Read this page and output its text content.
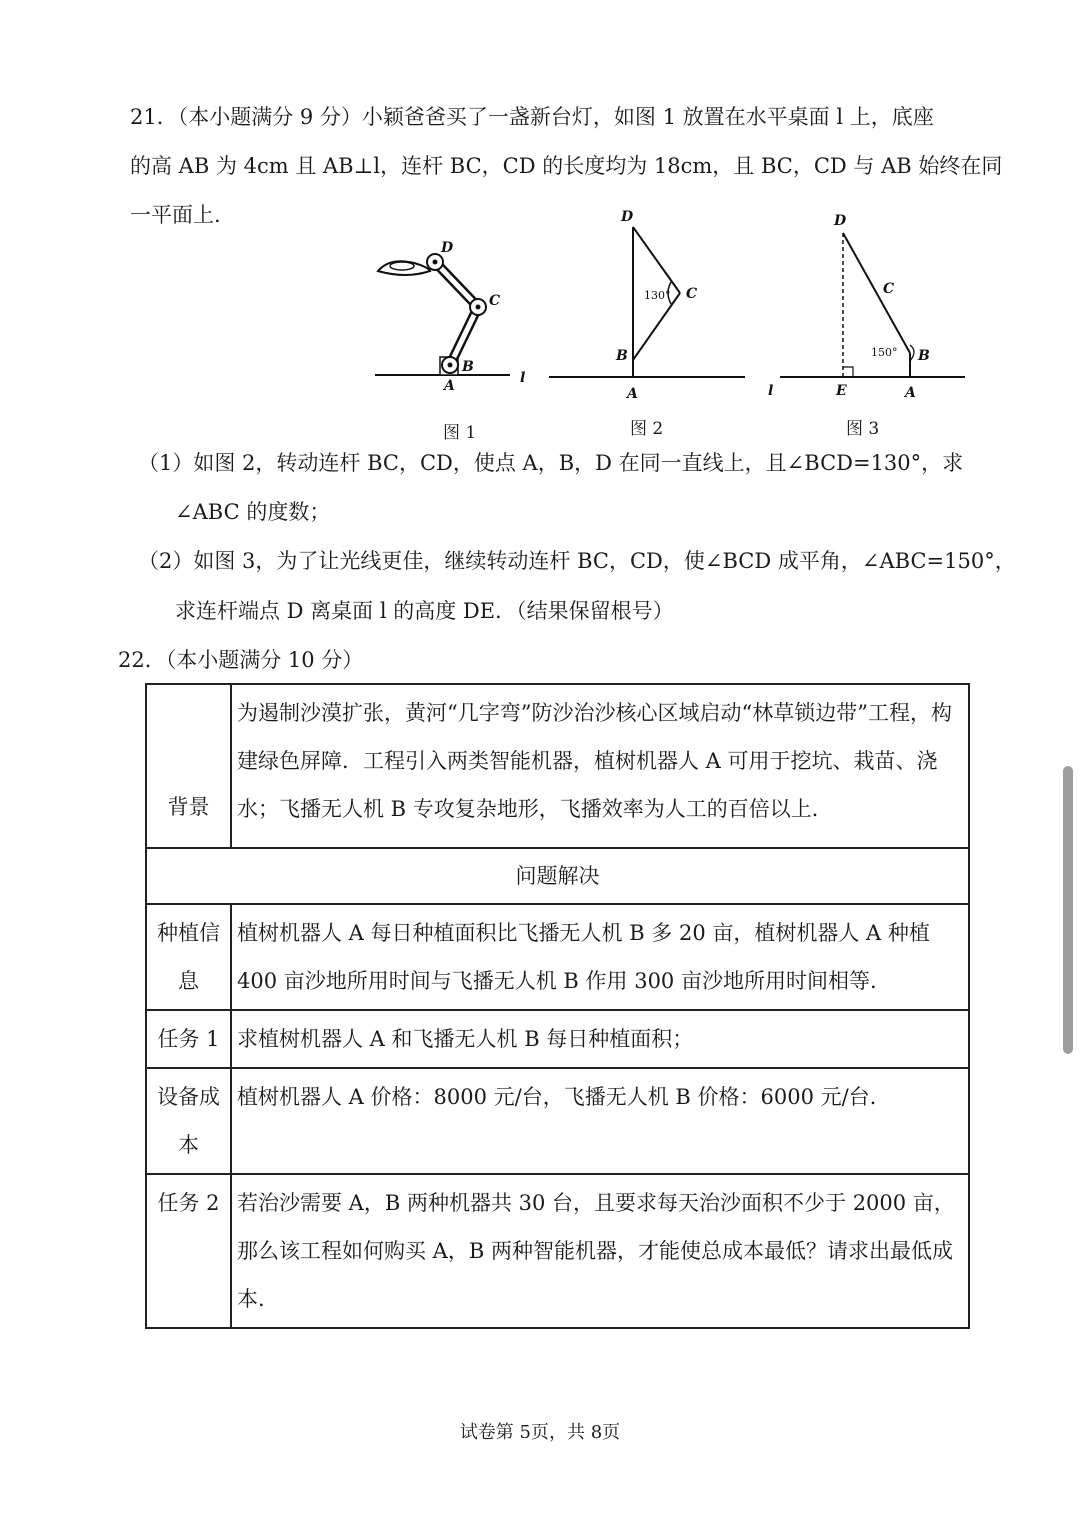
21．（本小题满分 9 分）小颖爸爸买了一盏新台灯，如图 1 放置在水平桌面 l 上，底座
的高 AB 为 4cm 且 AB⊥l，连杆 BC，CD 的长度均为 18cm，且 BC，CD 与 AB 始终在同
一平面上.
D
C
B
A	l
图 1
130°
D
C
B
A
图 2
150°
D
C
B
A
E
l
图 3
（1）如图 2，转动连杆 BC，CD，使点 A，B，D 在同一直线上，且∠BCD=130°，求
∠ABC 的度数；
（2）如图 3，为了让光线更佳，继续转动连杆 BC，CD，使∠BCD 成平角，∠ABC=150°，
求连杆端点 D 离桌面 l 的高度 DE．（结果保留根号）
22．（本小题满分 10 分）
背景	为遏制沙漠扩张，黄河“几字弯”防沙治沙核心区域启动“林草锁边带”工程，构建绿色屏障．工程引入两类智能机器，植树机器人 A 可用于挖坑、栽苗、浇水；飞播无人机 B 专攻复杂地形，飞播效率为人工的百倍以上．
问题解决	
种植信息	植树机器人 A 每日种植面积比飞播无人机 B 多 20 亩，植树机器人 A 种植 400 亩沙地所用时间与飞播无人机 B 作用 300 亩沙地所用时间相等.
任务 1	求植树机器人 A 和飞播无人机 B 每日种植面积；
设备成本	植树机器人 A 价格：8000 元/台，飞播无人机 B 价格：6000 元/台.
任务 2	若治沙需要 A，B 两种机器共 30 台，且要求每天治沙面积不少于 2000 亩，那么该工程如何购买 A，B 两种智能机器，才能使总成本最低？请求出最低成本.
试卷第 5页，共 8页
